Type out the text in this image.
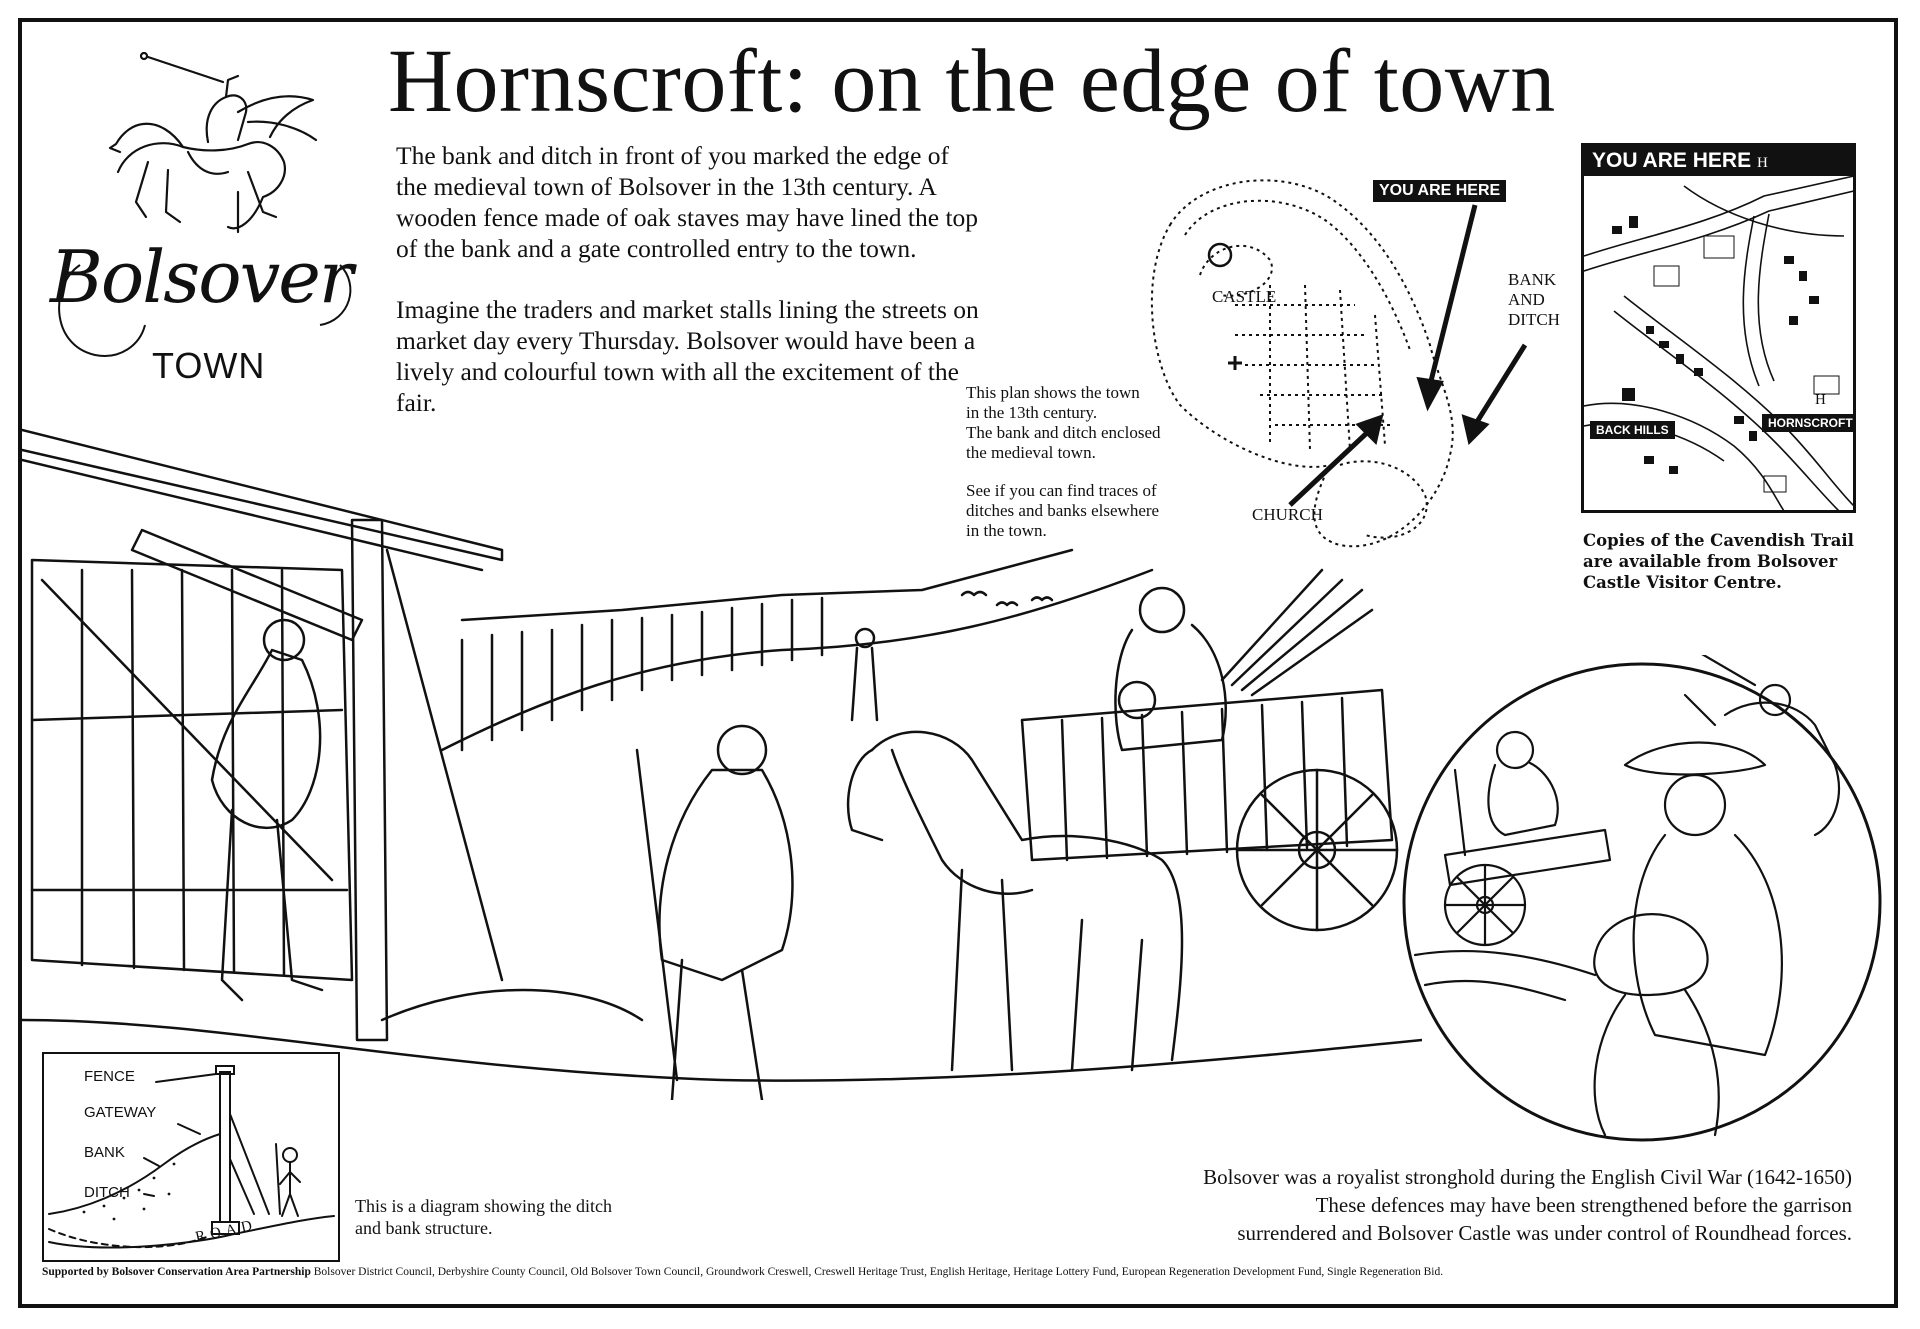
Hornscroft: on the edge of town
Bolsover
TOWN

The bank and ditch in front of you marked the edge of the medieval town of Bolsover in the 13th century. A wooden fence made of oak staves may have lined the top of the bank and a gate controlled entry to the town.

Imagine the traders and market stalls lining the streets on market day every Thursday. Bolsover would have been a lively and colourful town with all the excitement of the fair.

YOU ARE HERE
CASTLE
CHURCH
BANK
AND
DITCH

This plan shows the town
in the 13th century.
The bank and ditch enclosed
the medieval town.

See if you can find traces of
ditches and banks elsewhere
in the town.

YOU ARE HERE H
BACK HILLS
H
HORNSCROFT
Copies of the Cavendish Trail
are available from Bolsover
Castle Visitor Centre.
Bolsover was a royalist stronghold during the English Civil War (1642-1650)
These defences may have been strengthened before the garrison
surrendered and Bolsover Castle was under control of Roundhead forces.
FENCE
GATEWAY
BANK
DITCH
ROAD
This is a diagram showing the ditch
and bank structure.
Supported by Bolsover Conservation Area Partnership Bolsover District Council, Derbyshire County Council, Old Bolsover Town Council, Groundwork Creswell, Creswell Heritage Trust, English Heritage, Heritage Lottery Fund, European Regeneration Development Fund, Single Regeneration Bid.
